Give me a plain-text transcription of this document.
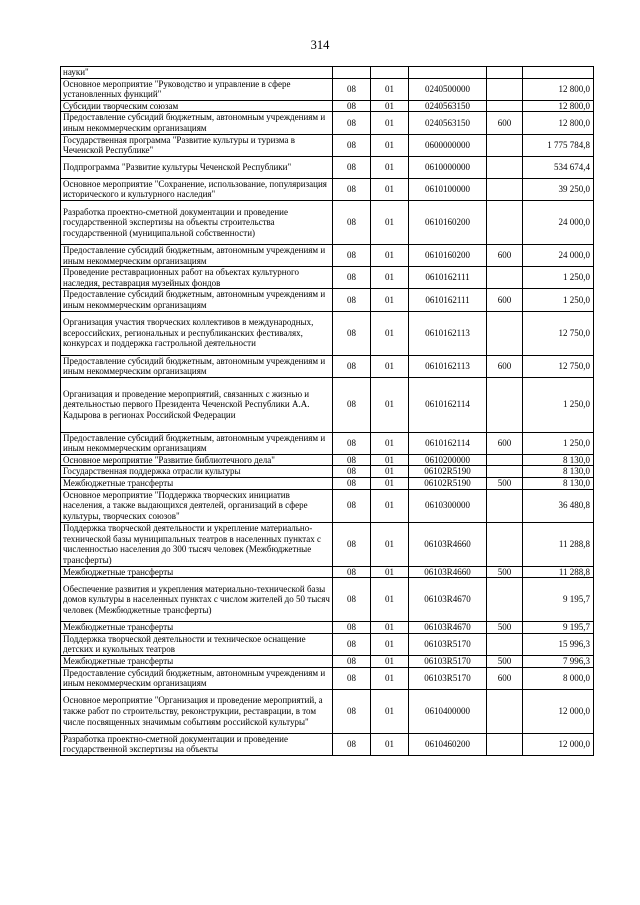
314
науки"					
Основное мероприятие "Руководство и управление в сфере установленных функций"	08	01	0240500000		12 800,0
Субсидии творческим союзам	08	01	0240563150		12 800,0
Предоставление субсидий бюджетным, автономным учреждениям и иным некоммерческим организациям	08	01	0240563150	600	12 800,0
Государственная программа "Развитие культуры и туризма в Чеченской Республике"	08	01	0600000000		1 775 784,8
Подпрограмма "Развитие культуры Чеченской Республики"	08	01	0610000000		534 674,4
Основное мероприятие "Сохранение, использование, популяризация исторического и культурного наследия"	08	01	0610100000		39 250,0
Разработка проектно-сметной документации и проведение государственной экспертизы на объекты строительства государственной (муниципальной собственности)	08	01	0610160200		24 000,0
Предоставление субсидий бюджетным, автономным учреждениям и иным некоммерческим организациям	08	01	0610160200	600	24 000,0
Проведение реставрационных работ на объектах культурного наследия, реставрация музейных фондов	08	01	0610162111		1 250,0
Предоставление субсидий бюджетным, автономным учреждениям и иным некоммерческим организациям	08	01	0610162111	600	1 250,0
Организация участия творческих коллективов в международных, всероссийских, региональных и республиканских фестивалях, конкурсах и поддержка гастрольной деятельности	08	01	0610162113		12 750,0
Предоставление субсидий бюджетным, автономным учреждениям и иным некоммерческим организациям	08	01	0610162113	600	12 750,0
Организация и проведение мероприятий, связанных с жизнью и деятельностью первого Президента Чеченской Республики А.А. Кадырова в регионах Российской Федерации	08	01	0610162114		1 250,0
Предоставление субсидий бюджетным, автономным учреждениям и иным некоммерческим организациям	08	01	0610162114	600	1 250,0
Основное мероприятие "Развитие библиотечного дела"	08	01	0610200000		8 130,0
Государственная поддержка отрасли культуры	08	01	06102R5190		8 130,0
Межбюджетные трансферты	08	01	06102R5190	500	8 130,0
Основное мероприятие "Поддержка творческих инициатив населения, а также выдающихся деятелей, организаций в сфере культуры, творческих союзов"	08	01	0610300000		36 480,8
Поддержка творческой деятельности и укрепление материально-технической базы муниципальных театров в населенных пунктах с численностью населения до 300 тысяч человек (Межбюджетные трансферты)	08	01	06103R4660		11 288,8
Межбюджетные трансферты	08	01	06103R4660	500	11 288,8
Обеспечение развития и укрепления материально-технической базы домов культуры в населенных пунктах с числом жителей до 50 тысяч человек (Межбюджетные трансферты)	08	01	06103R4670		9 195,7
Межбюджетные трансферты	08	01	06103R4670	500	9 195,7
Поддержка творческой деятельности и техническое оснащение детских и кукольных театров	08	01	06103R5170		15 996,3
Межбюджетные трансферты	08	01	06103R5170	500	7 996,3
Предоставление субсидий бюджетным, автономным учреждениям и иным некоммерческим организациям	08	01	06103R5170	600	8 000,0
Основное мероприятие "Организация и проведение мероприятий, а также работ по строительству, реконструкции, реставрации, в том числе посвященных значимым событиям российской культуры"	08	01	0610400000		12 000,0
Разработка проектно-сметной документации и проведение государственной экспертизы на объекты	08	01	0610460200		12 000,0
